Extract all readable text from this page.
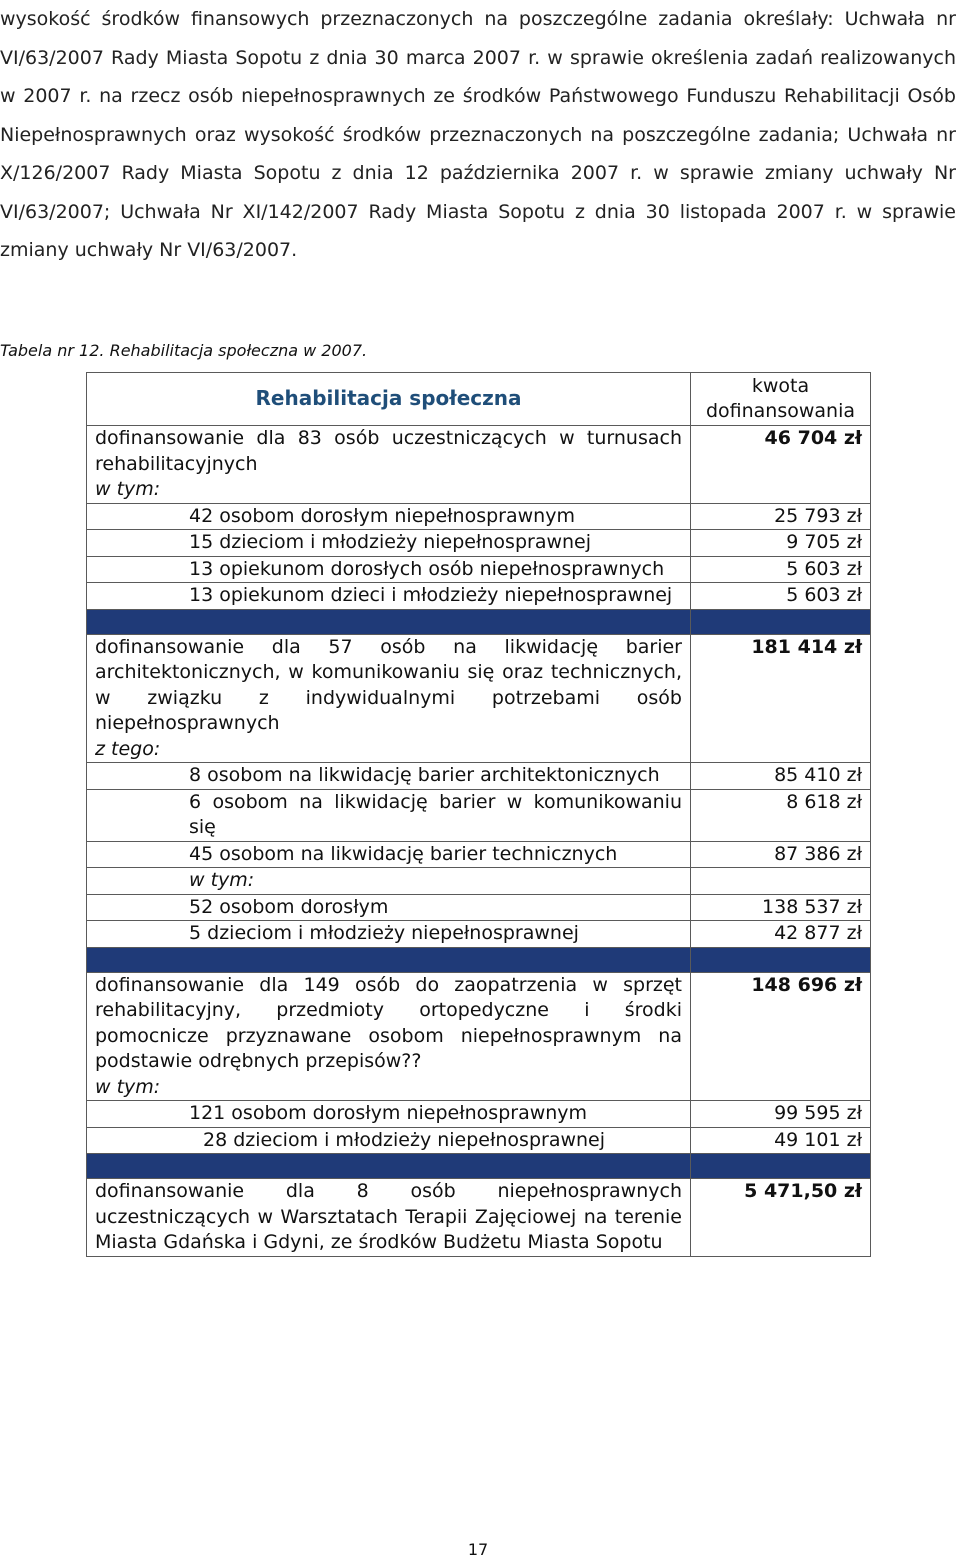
wysokość środków finansowych przeznaczonych na poszczególne zadania określały: Uchwała nr VI/63/2007 Rady Miasta Sopotu z dnia 30 marca 2007 r. w sprawie określenia zadań realizowanych w 2007 r. na rzecz osób niepełnosprawnych ze środków Państwowego Funduszu Rehabilitacji Osób Niepełnosprawnych oraz wysokość środków przeznaczonych na poszczególne zadania; Uchwała nr X/126/2007 Rady Miasta Sopotu z dnia 12 października 2007 r. w sprawie zmiany uchwały Nr VI/63/2007; Uchwała Nr XI/142/2007 Rady Miasta Sopotu z dnia 30 listopada 2007 r. w sprawie zmiany uchwały Nr VI/63/2007.

Tabela nr 12. Rehabilitacja społeczna w 2007.

Rehabilitacja społeczna	kwota dofinansowania
dofinansowanie dla 83 osób uczestniczących w turnusach rehabilitacyjnych
w tym:	46 704 zł
42 osobom dorosłym niepełnosprawnym	25 793 zł
15 dzieciom i młodzieży niepełnosprawnej	9 705 zł
13 opiekunom dorosłych osób niepełnosprawnych	5 603 zł
13 opiekunom dzieci i młodzieży niepełnosprawnej	5 603 zł

dofinansowanie dla 57 osób na likwidację barier architektonicznych, w komunikowaniu się oraz technicznych, w związku z indywidualnymi potrzebami osób niepełnosprawnych
z tego:	181 414 zł
8 osobom na likwidację barier architektonicznych	85 410 zł
6 osobom na likwidację barier w komunikowaniu się	8 618 zł
45 osobom na likwidację barier technicznych	87 386 zł
w tym:	
52 osobom dorosłym	138 537 zł
5 dzieciom i młodzieży niepełnosprawnej	42 877 zł

dofinansowanie dla 149 osób do zaopatrzenia w sprzęt rehabilitacyjny, przedmioty ortopedyczne i środki pomocnicze przyznawane osobom niepełnosprawnym na podstawie odrębnych przepisów??
w tym:	148 696 zł
121 osobom dorosłym niepełnosprawnym	99 595 zł
28 dzieciom i młodzieży niepełnosprawnej	49 101 zł

dofinansowanie dla 8 osób niepełnosprawnych uczestniczących w Warsztatach Terapii Zajęciowej na terenie Miasta Gdańska i Gdyni, ze środków Budżetu Miasta Sopotu	5 471,50 zł

17
